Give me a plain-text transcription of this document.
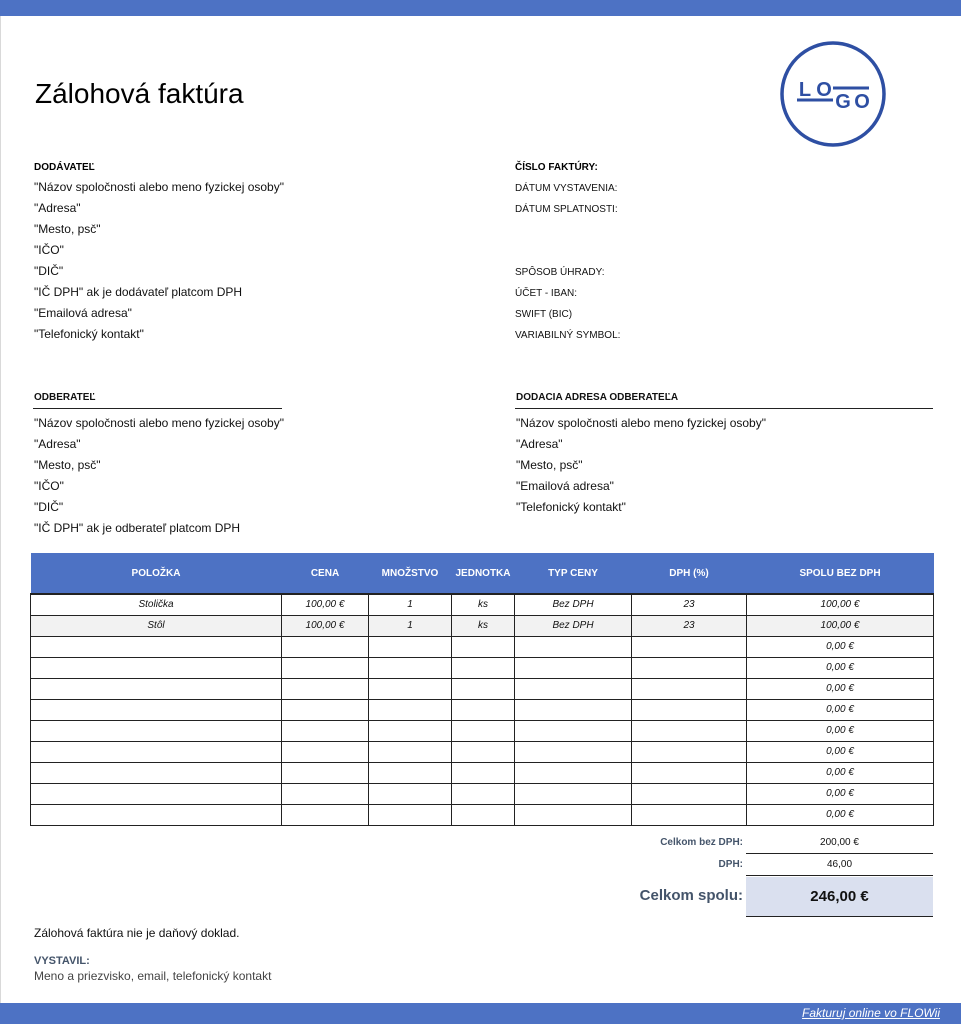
Zálohová faktúra	L O
G O
DODÁVATEĽ
"Názov spoločnosti alebo meno fyzickej osoby"
"Adresa"
"Mesto, psč"
"IČO"
"DIČ"
"IČ DPH" ak je dodávateľ platcom DPH
"Emailová adresa"
"Telefonický kontakt"
ČÍSLO FAKTÚRY:
DÁTUM VYSTAVENIA:
DÁTUM SPLATNOSTI:
SPÔSOB ÚHRADY:
ÚČET - IBAN:
SWIFT (BIC)
VARIABILNÝ SYMBOL:
ODBERATEĽ
"Názov spoločnosti alebo meno fyzickej osoby"
"Adresa"
"Mesto, psč"
"IČO"
"DIČ"
"IČ DPH" ak je odberateľ platcom DPH
DODACIA ADRESA ODBERATEĽA
"Názov spoločnosti alebo meno fyzickej osoby"
"Adresa"
"Mesto, psč"
"Emailová adresa"
"Telefonický kontakt"
POLOŽKA	CENA	MNOŽSTVO	JEDNOTKA	TYP CENY	DPH (%)	SPOLU BEZ DPH
Stolička	100,00 €	1	ks	Bez DPH	23	100,00 €
Stôl	100,00 €	1	ks	Bez DPH	23	100,00 €
						0,00 €
						0,00 €
						0,00 €
						0,00 €
						0,00 €
						0,00 €
						0,00 €
						0,00 €
						0,00 €
Celkom bez DPH:	200,00 €
DPH:	46,00
Celkom spolu:	246,00 €
Zálohová faktúra nie je daňový doklad.
VYSTAVIL:
Meno a priezvisko, email, telefonický kontakt
Fakturuj online vo FLOWii
